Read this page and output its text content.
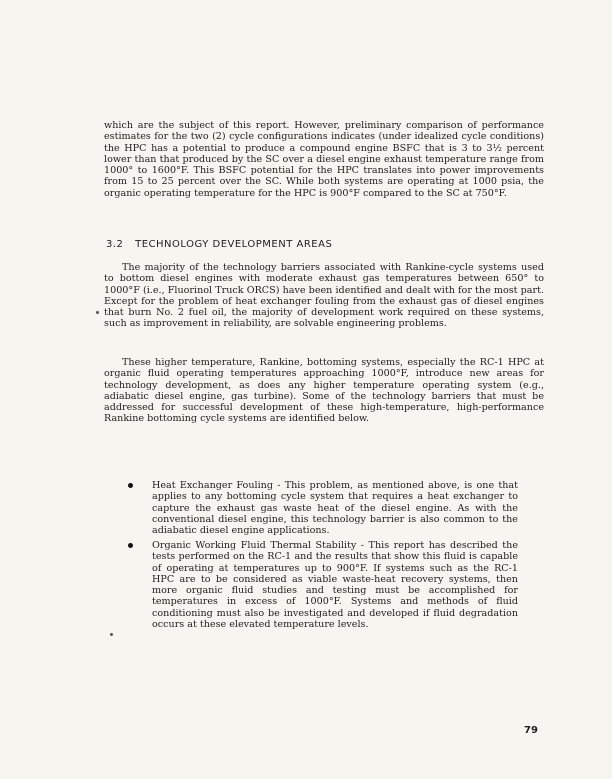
which are the subject of this report. However, preliminary comparison of performance estimates for the two (2) cycle configurations indicates (under idealized cycle conditions) the HPC has a potential to produce a compound engine BSFC that is 3 to 3½ percent lower than that produced by the SC over a diesel engine exhaust temperature range from 1000° to 1600°F. This BSFC potential for the HPC translates into power improvements from 15 to 25 percent over the SC. While both systems are operating at 1000 psia, the organic operating temperature for the HPC is 900°F compared to the SC at 750°F.

3.2 TECHNOLOGY DEVELOPMENT AREAS

The majority of the technology barriers associated with Rankine-cycle systems used to bottom diesel engines with moderate exhaust gas temperatures between 650° to 1000°F (i.e., Fluorinol Truck ORCS) have been identified and dealt with for the most part. Except for the problem of heat exchanger fouling from the exhaust gas of diesel engines that burn No. 2 fuel oil, the majority of development work required on these systems, such as improvement in reliability, are solvable engineering problems.

These higher temperature, Rankine, bottoming systems, especially the RC-1 HPC at organic fluid operating temperatures approaching 1000°F, introduce new areas for technology development, as does any higher temperature operating system (e.g., adiabatic diesel engine, gas turbine). Some of the technology barriers that must be addressed for successful development of these high-temperature, high-performance Rankine bottoming cycle systems are identified below.

Heat Exchanger Fouling - This problem, as mentioned above, is one that applies to any bottoming cycle system that requires a heat exchanger to capture the exhaust gas waste heat of the diesel engine. As with the conventional diesel engine, this technology barrier is also common to the adiabatic diesel engine applications.

Organic Working Fluid Thermal Stability - This report has described the tests performed on the RC-1 and the results that show this fluid is capable of operating at temperatures up to 900°F. If systems such as the RC-1 HPC are to be considered as viable waste-heat recovery systems, then more organic fluid studies and testing must be accomplished for temperatures in excess of 1000°F. Systems and methods of fluid conditioning must also be investigated and developed if fluid degradation occurs at these elevated temperature levels.

79
